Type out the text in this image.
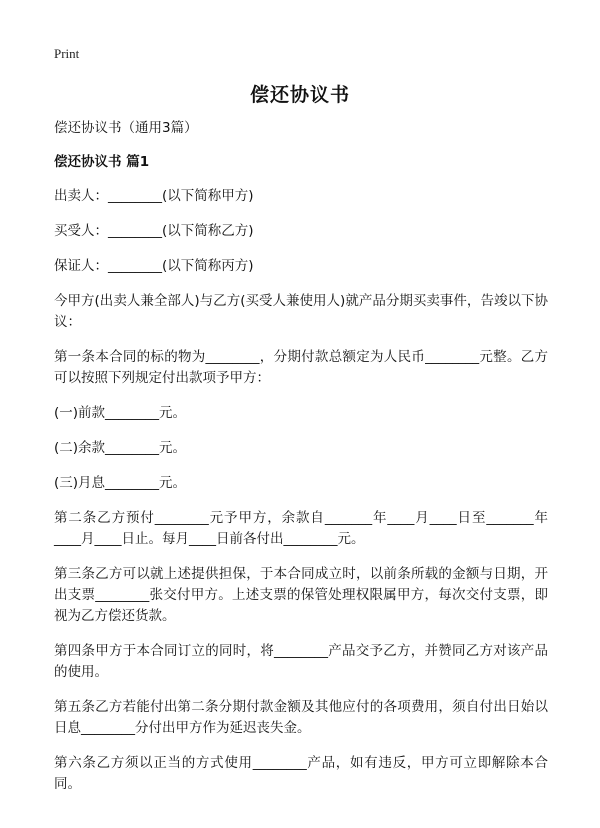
Print
偿还协议书

偿还协议书（通用3篇）

偿还协议书 篇1

出卖人：________(以下简称甲方)

买受人：________(以下简称乙方)

保证人：________(以下简称丙方)

今甲方(出卖人兼全部人)与乙方(买受人兼使用人)就产品分期买卖事件，告竣以下协议：

第一条本合同的标的物为________，分期付款总额定为人民币________元整。乙方可以按照下列规定付出款项予甲方：

(一)前款________元。

(二)余款________元。

(三)月息________元。

第二条乙方预付________元予甲方，余款自_______年____月____日至_______年____月____日止。每月____日前各付出________元。

第三条乙方可以就上述提供担保，于本合同成立时，以前条所载的金额与日期，开出支票________张交付甲方。上述支票的保管处理权限属甲方，每次交付支票，即视为乙方偿还货款。

第四条甲方于本合同订立的同时，将________产品交予乙方，并赞同乙方对该产品的使用。

第五条乙方若能付出第二条分期付款金额及其他应付的各项费用，须自付出日始以日息________分付出甲方作为延迟丧失金。

第六条乙方须以正当的方式使用________产品，如有违反，甲方可立即解除本合同。
